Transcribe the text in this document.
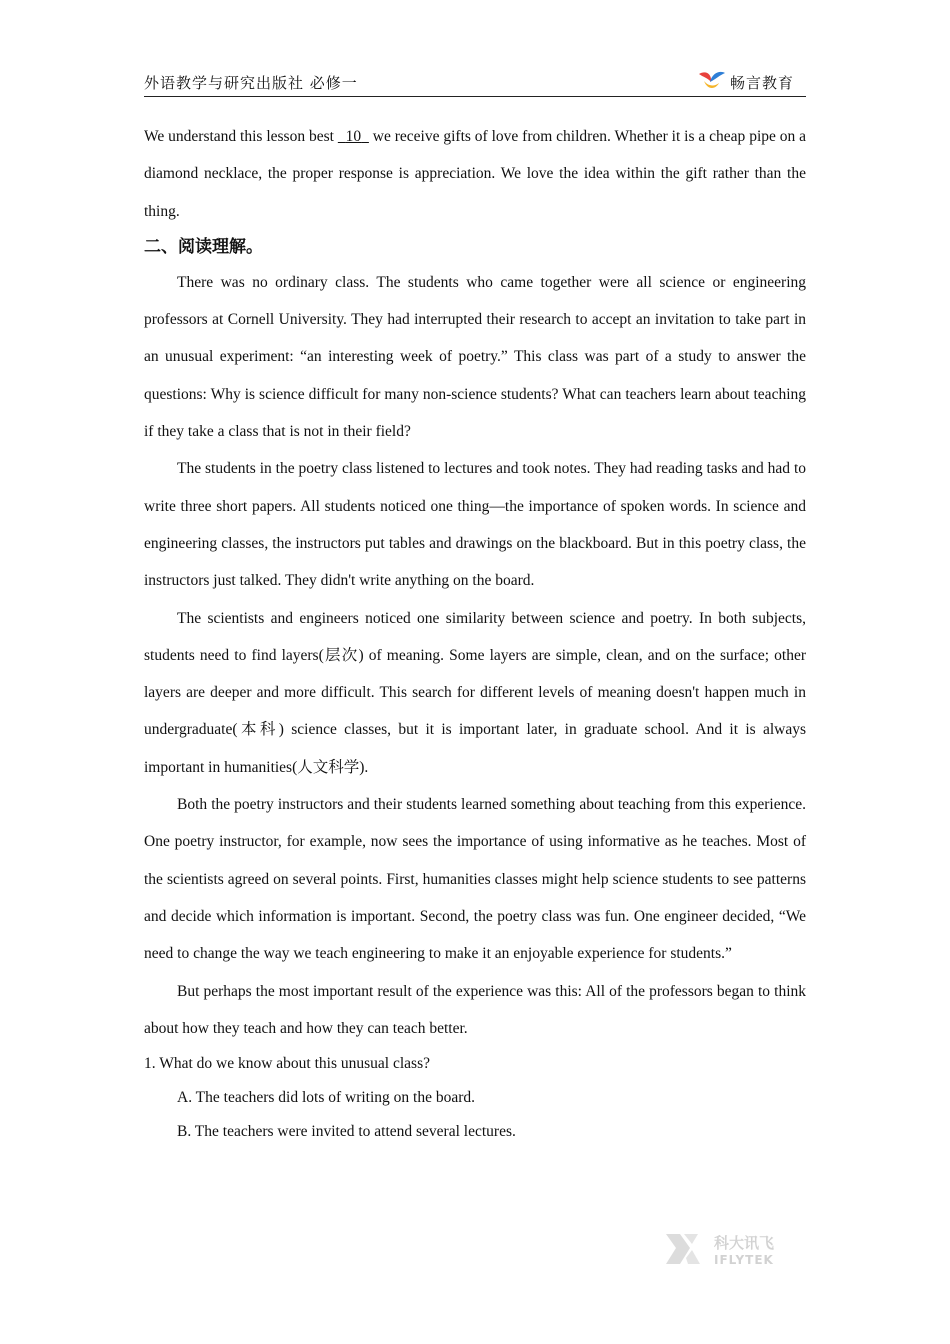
外语教学与研究出版社 必修一	畅言教育

We understand this lesson best   10   we receive gifts of love from children. Whether it is a cheap pipe on a diamond necklace, the proper response is appreciation. We love the idea within the gift rather than the thing.

二、阅读理解。

There was no ordinary class. The students who came together were all science or engineering professors at Cornell University. They had interrupted their research to accept an invitation to take part in an unusual experiment: “an interesting week of poetry.” This class was part of a study to answer the questions: Why is science difficult for many non-science students? What can teachers learn about teaching if they take a class that is not in their field?

The students in the poetry class listened to lectures and took notes. They had reading tasks and had to write three short papers. All students noticed one thing—the importance of spoken words. In science and engineering classes, the instructors put tables and drawings on the blackboard. But in this poetry class, the instructors just talked. They didn't write anything on the board.

The scientists and engineers noticed one similarity between science and poetry. In both subjects, students need to find layers(层次) of meaning. Some layers are simple, clean, and on the surface; other layers are deeper and more difficult. This search for different levels of meaning doesn't happen much in undergraduate(本科) science classes, but it is important later, in graduate school. And it is always important in humanities(人文科学).

Both the poetry instructors and their students learned something about teaching from this experience. One poetry instructor, for example, now sees the importance of using informative as he teaches. Most of the scientists agreed on several points. First, humanities classes might help science students to see patterns and decide which information is important. Second, the poetry class was fun. One engineer decided, “We need to change the way we teach engineering to make it an enjoyable experience for students.”

But perhaps the most important result of the experience was this: All of the professors began to think about how they teach and how they can teach better.

1. What do we know about this unusual class?
A. The teachers did lots of writing on the board.
B. The teachers were invited to attend several lectures.
科大讯飞
IFLYTEK
